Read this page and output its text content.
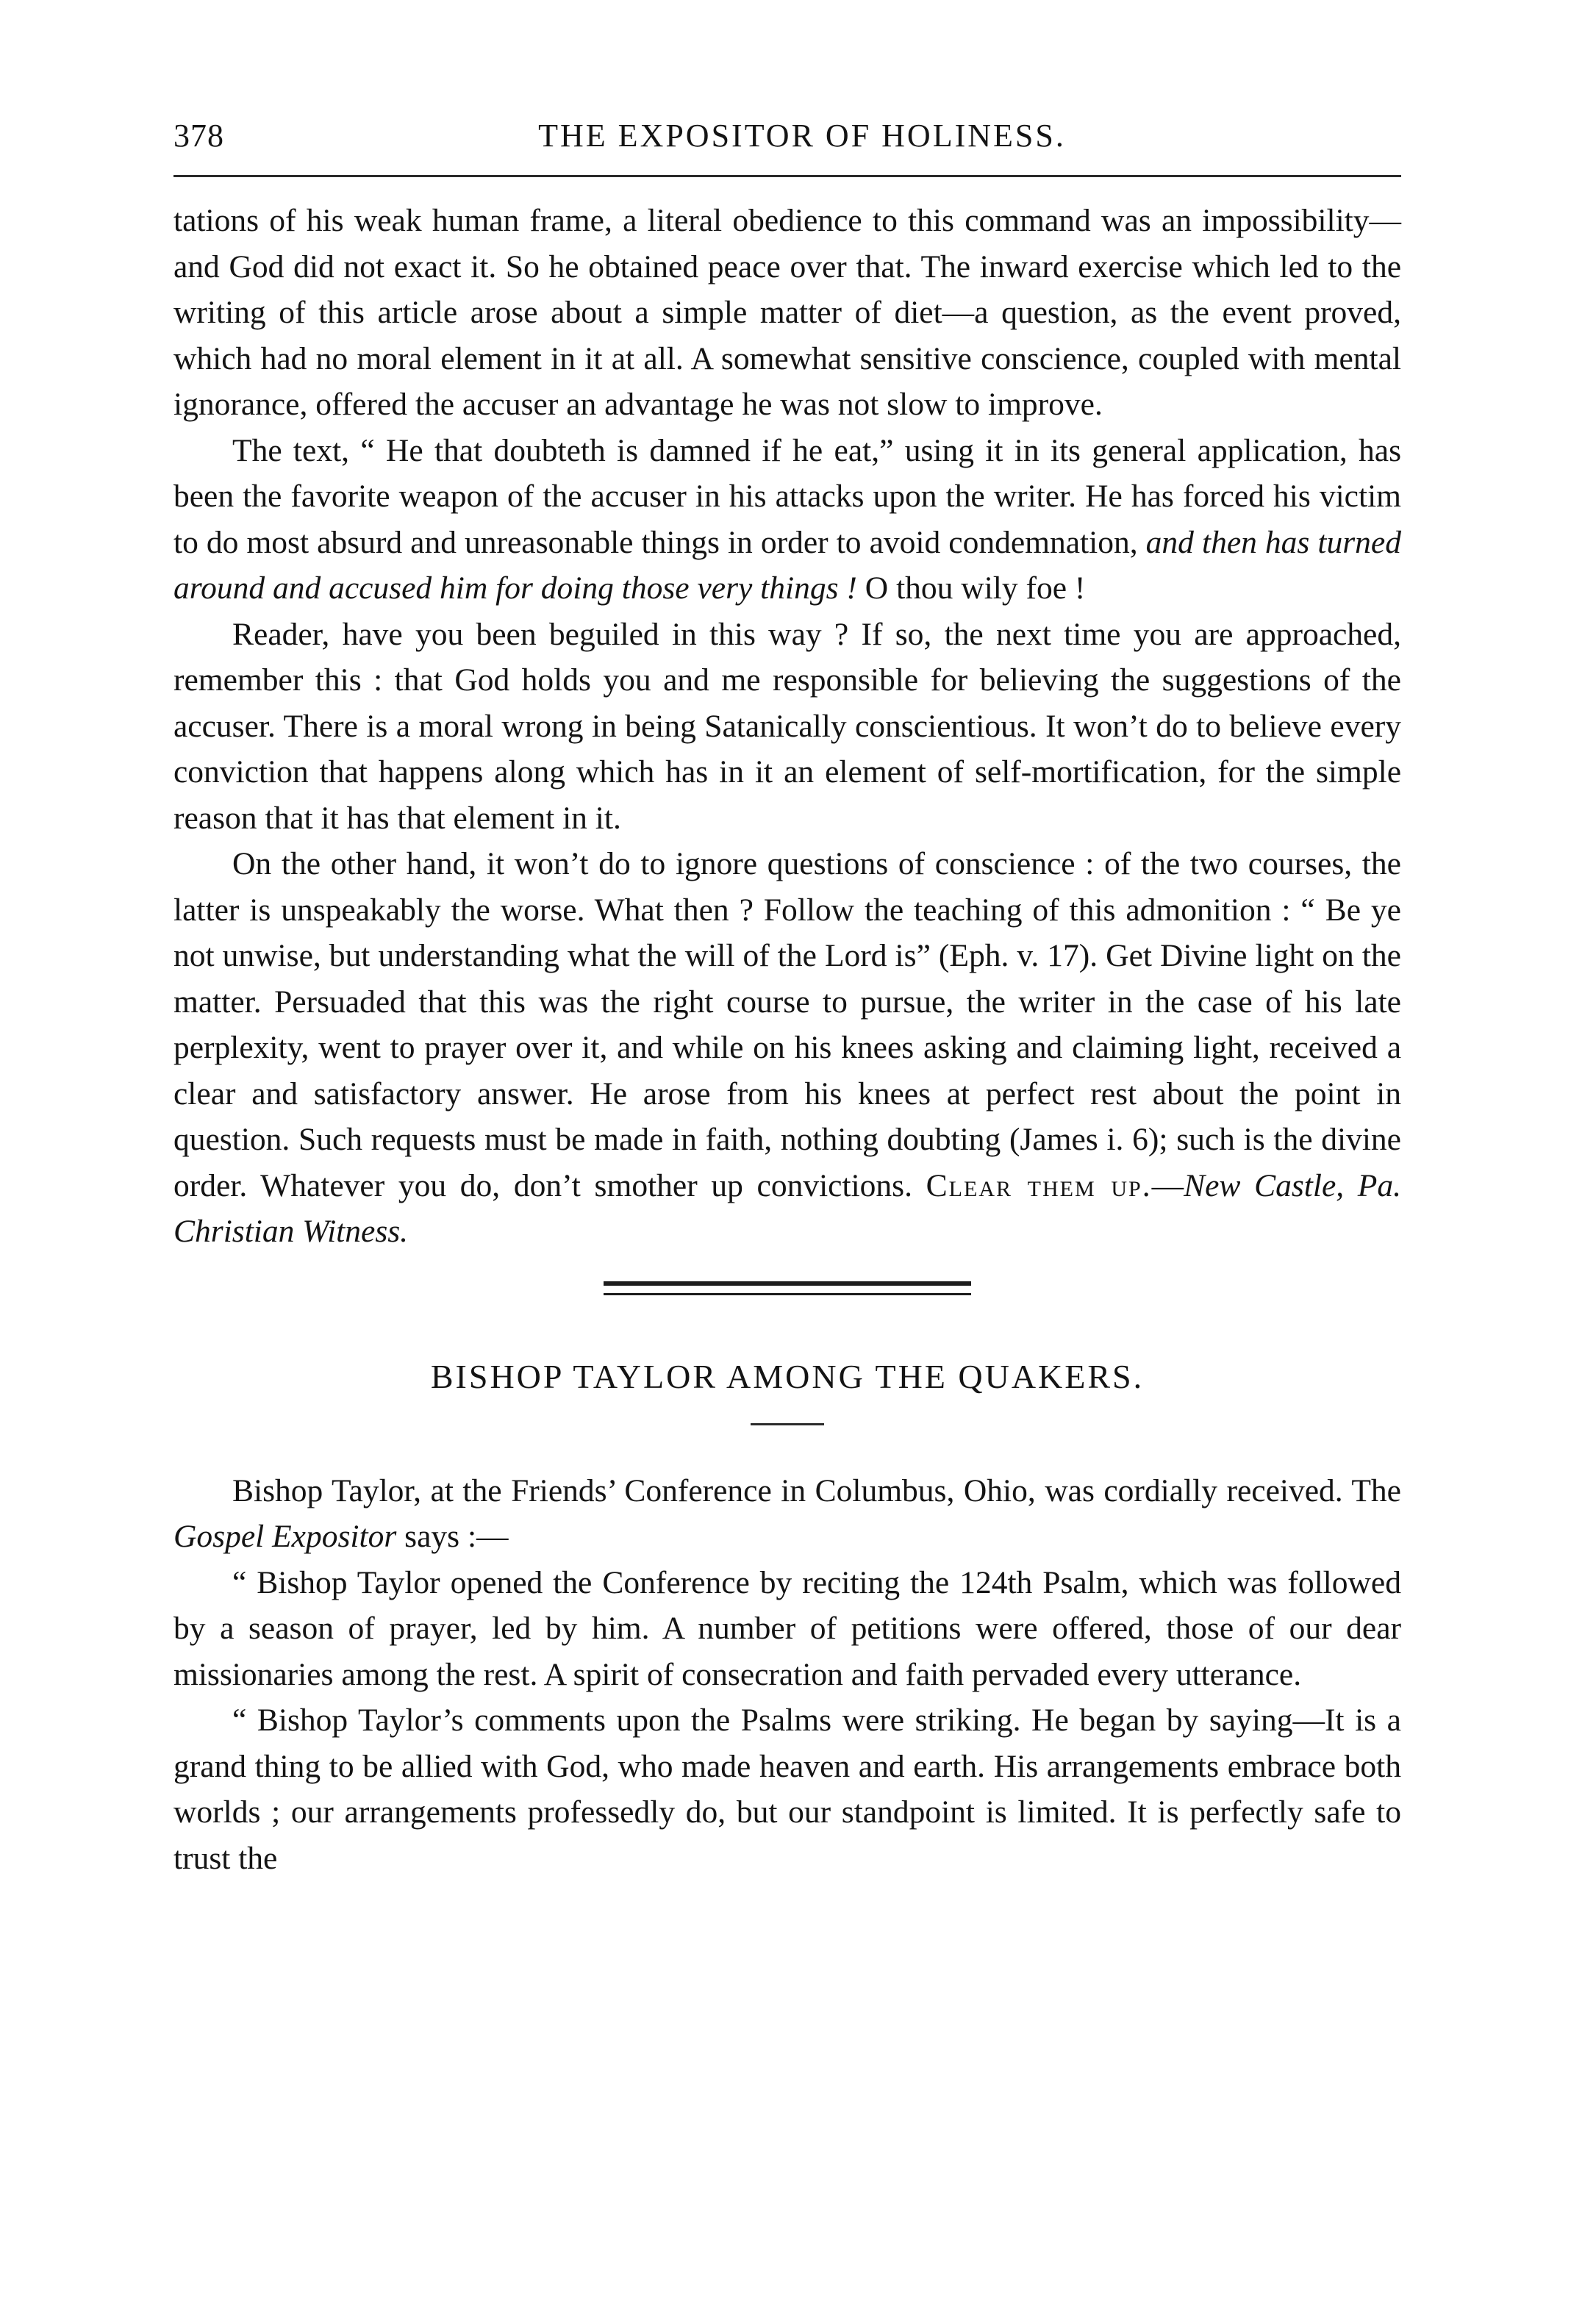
378	THE EXPOSITOR OF HOLINESS.

tations of his weak human frame, a literal obedience to this command was an impossibility—and God did not exact it. So he obtained peace over that. The inward exercise which led to the writing of this article arose about a simple matter of diet—a question, as the event proved, which had no moral element in it at all. A somewhat sensitive conscience, coupled with mental ignorance, offered the accuser an advantage he was not slow to improve.

The text, “ He that doubteth is damned if he eat,” using it in its general application, has been the favorite weapon of the accuser in his attacks upon the writer. He has forced his victim to do most absurd and unreasonable things in order to avoid condemnation, and then has turned around and accused him for doing those very things ! O thou wily foe !

Reader, have you been beguiled in this way ? If so, the next time you are approached, remember this : that God holds you and me responsible for believing the suggestions of the accuser. There is a moral wrong in being Satanically conscientious. It won’t do to believe every conviction that happens along which has in it an element of self-mortification, for the simple reason that it has that element in it.

On the other hand, it won’t do to ignore questions of conscience : of the two courses, the latter is unspeakably the worse. What then ? Follow the teaching of this admonition : “ Be ye not unwise, but understanding what the will of the Lord is” (Eph. v. 17). Get Divine light on the matter. Persuaded that this was the right course to pursue, the writer in the case of his late perplexity, went to prayer over it, and while on his knees asking and claiming light, received a clear and satisfactory answer. He arose from his knees at perfect rest about the point in question. Such requests must be made in faith, nothing doubting (James i. 6); such is the divine order. Whatever you do, don’t smother up convictions. Clear them up.—New Castle, Pa. Christian Witness.

BISHOP TAYLOR AMONG THE QUAKERS.

Bishop Taylor, at the Friends’ Conference in Columbus, Ohio, was cordially received. The Gospel Expositor says :—

“ Bishop Taylor opened the Conference by reciting the 124th Psalm, which was followed by a season of prayer, led by him. A number of petitions were offered, those of our dear missionaries among the rest. A spirit of consecration and faith pervaded every utterance.

“ Bishop Taylor’s comments upon the Psalms were striking. He began by saying—It is a grand thing to be allied with God, who made heaven and earth. His arrangements embrace both worlds ; our arrangements professedly do, but our standpoint is limited. It is perfectly safe to trust the
